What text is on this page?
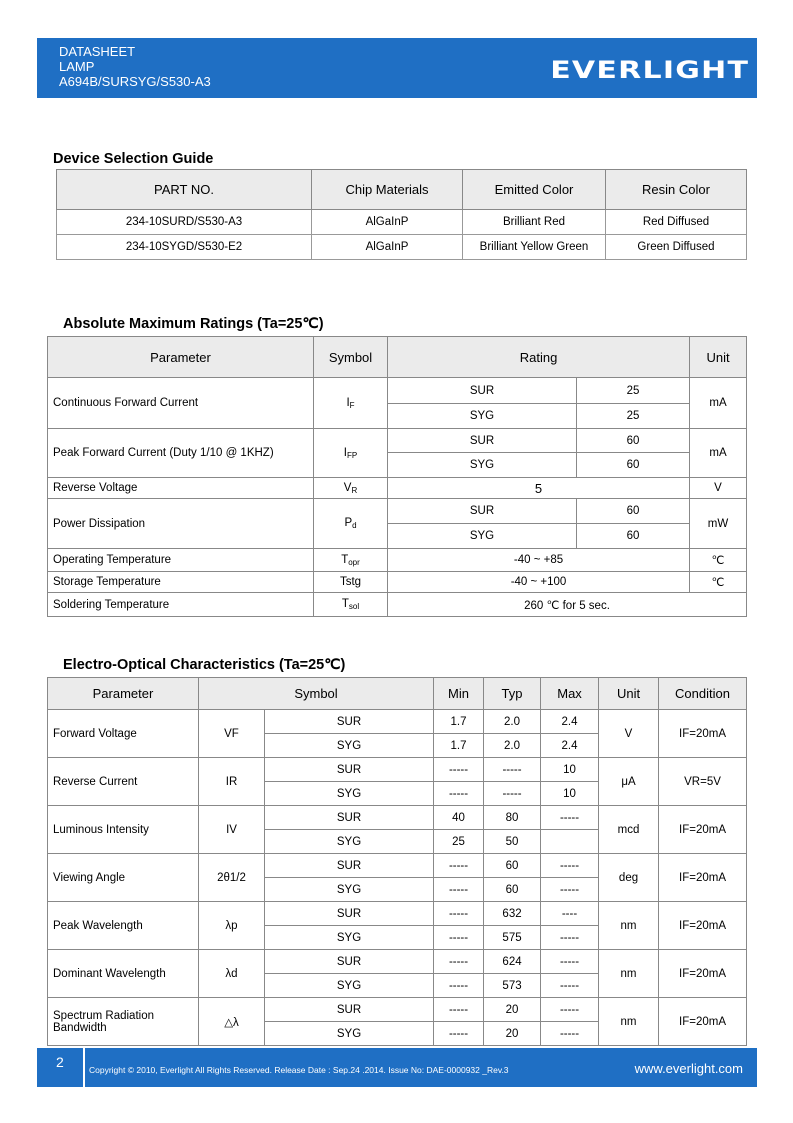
DATASHEET
LAMP
A694B/SURSYG/S530-A3	EVERLIGHT
Device Selection Guide
PART NO.	Chip Materials	Emitted Color	Resin Color
234-10SURD/S530-A3	AlGaInP	Brilliant Red	Red Diffused
234-10SYGD/S530-E2	AlGaInP	Brilliant Yellow Green	Green Diffused
Absolute Maximum Ratings (Ta=25℃)
Parameter	Symbol	Rating		Unit
Continuous Forward Current	$I_F$	SUR	25	mA
		SYG	25	
Peak Forward Current (Duty 1/10 @ 1KHZ)	$I_{FP}$	SUR	60	mA
		SYG	60	
Reverse Voltage	$V_R$	5		V
Power Dissipation	$P_d$	SUR	60	mW
		SYG	60	
Operating Temperature	$T_{opr}$	-40 ~ +85		℃
Storage Temperature	Tstg	-40 ~ +100		℃
Soldering Temperature	$T_{sol}$	260 ℃ for 5 sec.		
Electro-Optical Characteristics (Ta=25℃)
Parameter	Symbol		Min	Typ	Max	Unit	Condition
Forward Voltage	VF	SUR	1.7	2.0	2.4	V	IF=20mA
		SYG	1.7	2.0	2.4		
Reverse Current	IR	SUR	-----	-----	10	μA	VR=5V
		SYG	-----	-----	10		
Luminous Intensity	IV	SUR	40	80	-----	mcd	IF=20mA
		SYG	25	50			
Viewing Angle	2θ1/2	SUR	-----	60	-----	deg	IF=20mA
		SYG	-----	60	-----		
Peak Wavelength	λp	SUR	-----	632	----	nm	IF=20mA
		SYG	-----	575	-----		
Dominant Wavelength	λd	SUR	-----	624	-----	nm	IF=20mA
		SYG	-----	573	-----		
Spectrum Radiation Bandwidth	△λ	SUR	-----	20	-----	nm	IF=20mA
		SYG	-----	20	-----		
2	Copyright © 2010, Everlight All Rights Reserved. Release Date : Sep.24 .2014. Issue No: DAE-0000932 _Rev.3	www.everlight.com
